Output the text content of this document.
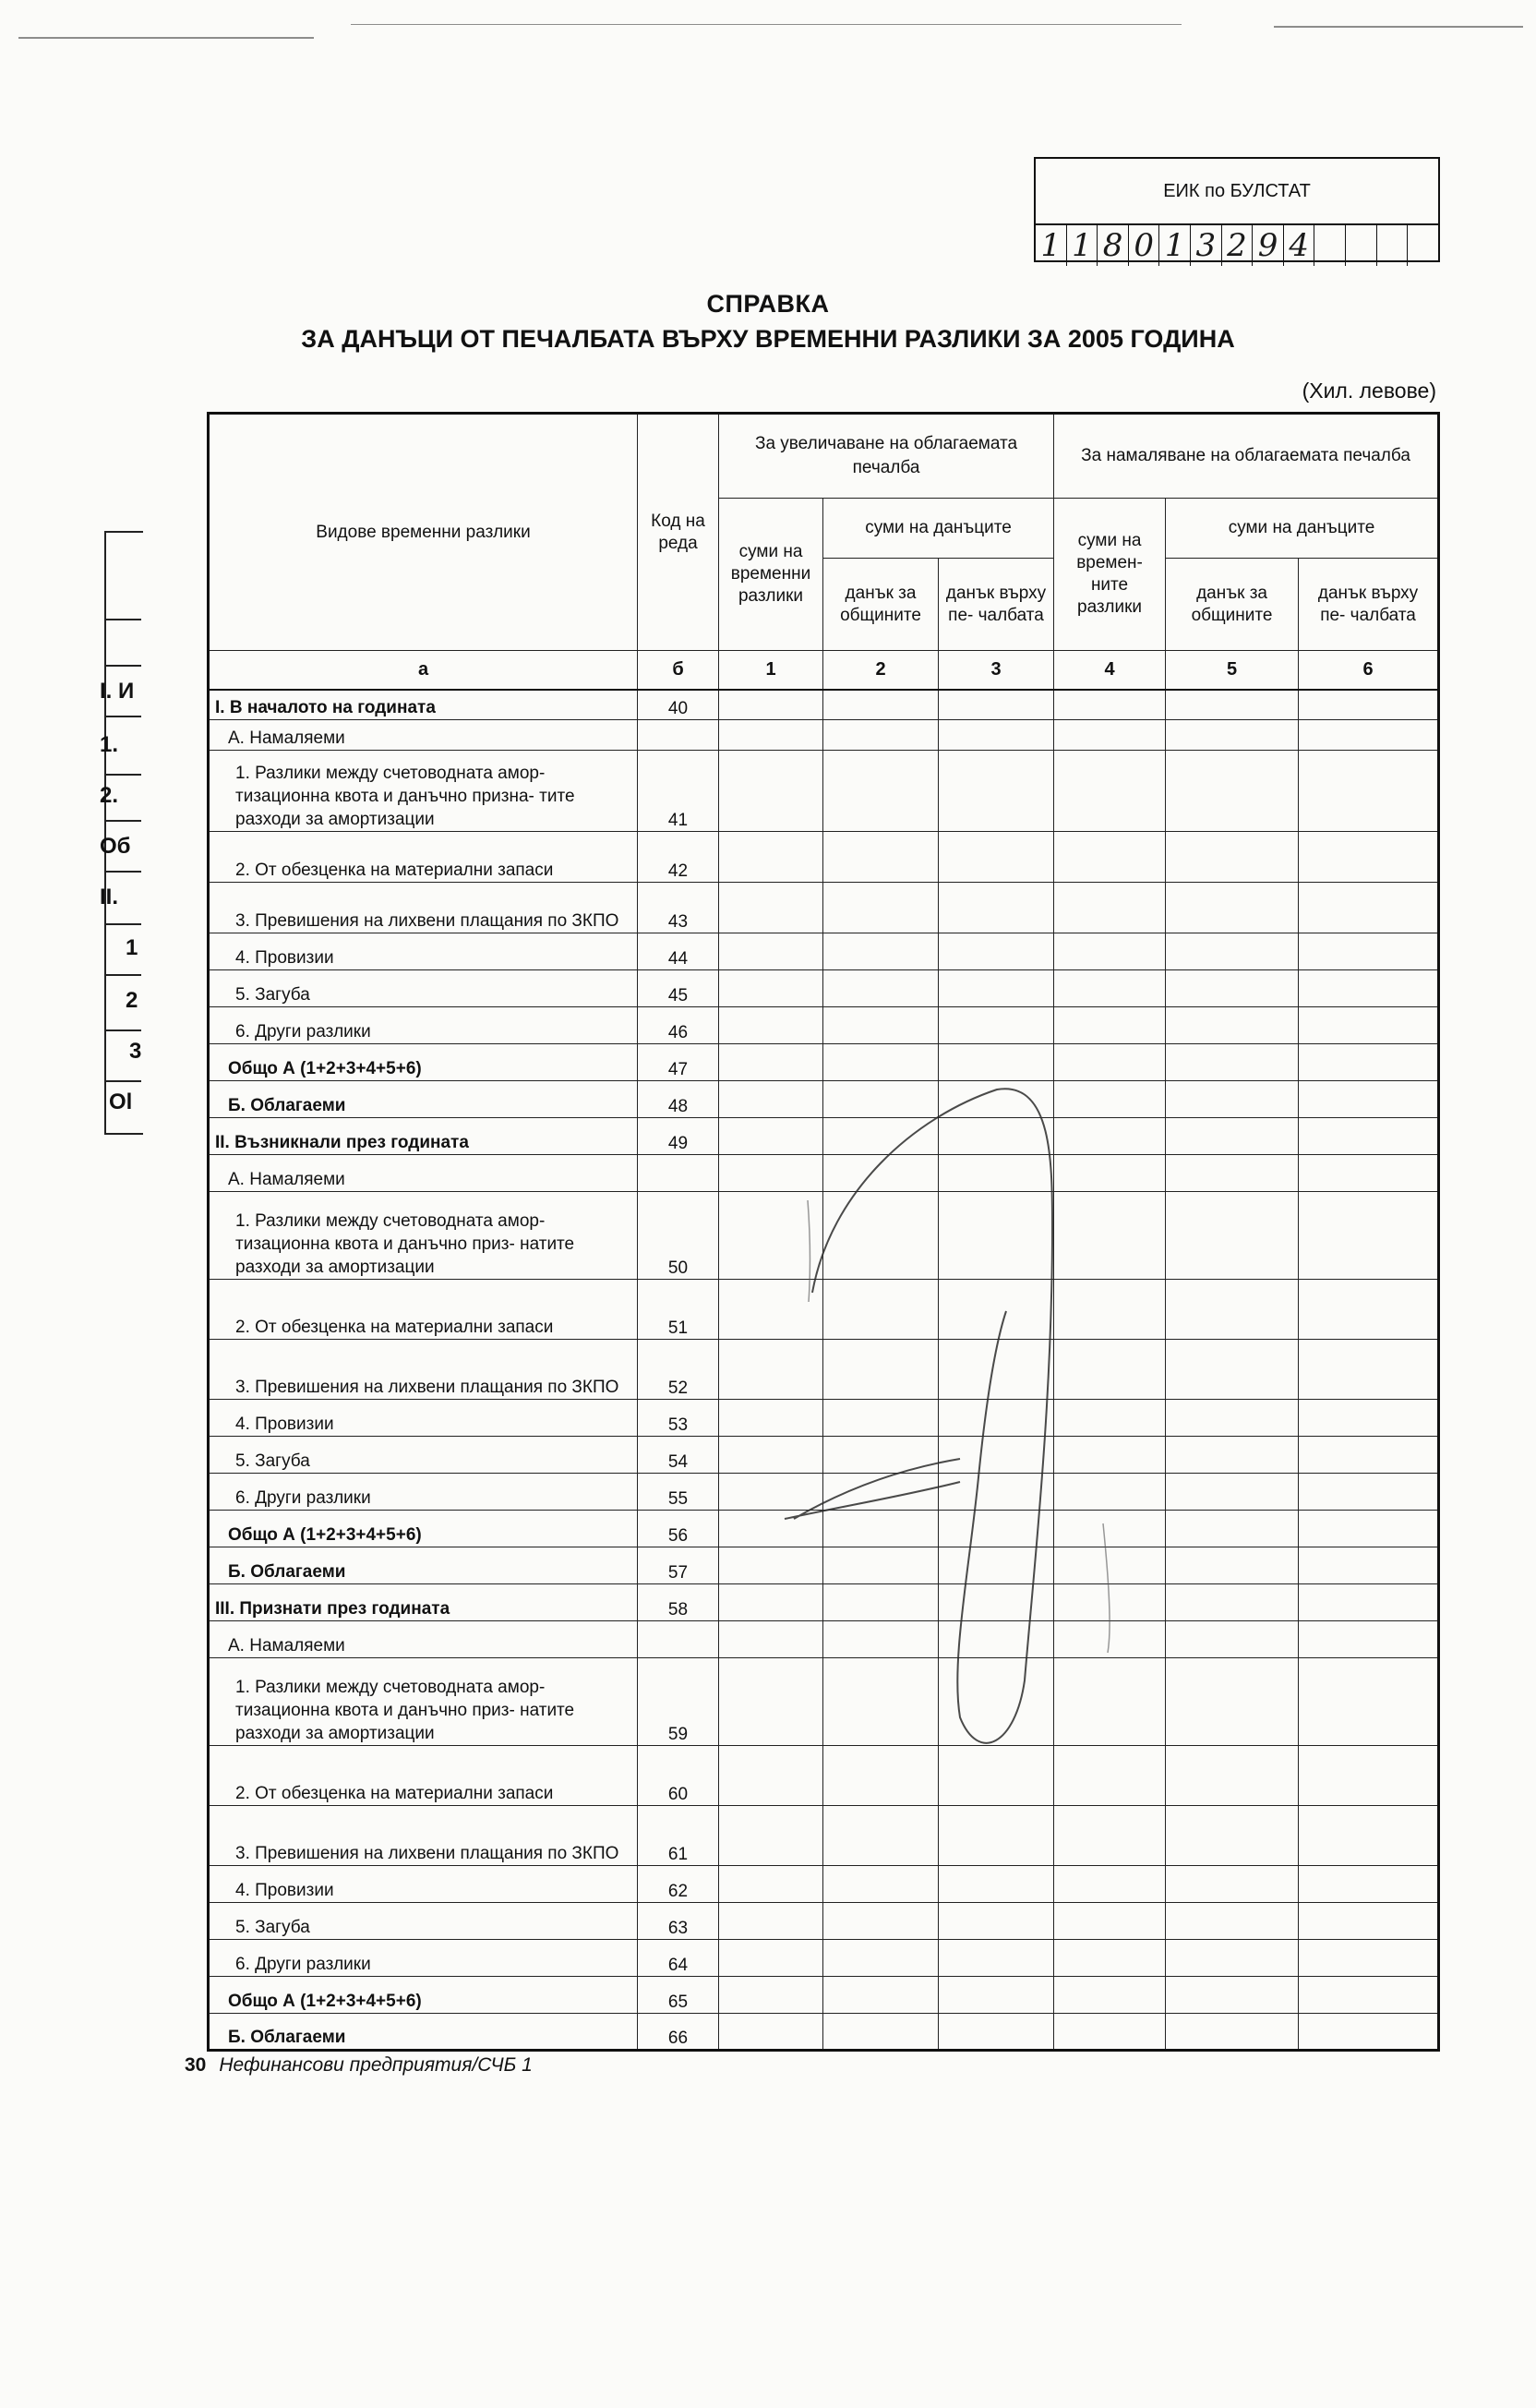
I. И
1.
2.
Об
II.
1
2
3
Ol
ЕИК по БУЛСТАТ
1 1 8 0 1 3 2 9 4
СПРАВКА
ЗА ДАНЪЦИ ОТ ПЕЧАЛБАТА ВЪРХУ ВРЕМЕННИ РАЗЛИКИ ЗА 2005 ГОДИНА
(Хил. левове)
Видове временни разлики	Код на реда	За увеличаване на облагаемата печалба			За намаляване на облагаемата печалба		
		суми на временни разлики	суми на данъците		суми на времен- ните разлики	суми на данъците	
			данък за общините	данък върху пе- чалбата		данък за общините	данък върху пе- чалбата
а	б	1	2	3	4	5	6
I. В началото на годината	40						
А. Намаляеми							
1. Разлики между счетоводната амор- тизационна квота и данъчно призна- тите разходи за амортизации	41						
2. От обезценка на материални запаси	42						
3. Превишения на лихвени плащания по ЗКПО	43						
4. Провизии	44						
5. Загуба	45						
6. Други разлики	46						
Общо А (1+2+3+4+5+6)	47						
Б. Облагаеми	48						
II. Възникнали през годината	49						
А. Намаляеми							
1. Разлики между счетоводната амор- тизационна квота и данъчно приз- натите разходи за амортизации	50						
2. От обезценка на материални запаси	51						
3. Превишения на лихвени плащания по ЗКПО	52						
4. Провизии	53						
5. Загуба	54						
6. Други разлики	55						
Общо А (1+2+3+4+5+6)	56						
Б. Облагаеми	57						
III. Признати през годината	58						
А. Намаляеми							
1. Разлики между счетоводната амор- тизационна квота и данъчно приз- натите разходи за амортизации	59						
2. От обезценка на материални запаси	60						
3. Превишения на лихвени плащания по ЗКПО	61						
4. Провизии	62						
5. Загуба	63						
6. Други разлики	64						
Общо А (1+2+3+4+5+6)	65						
Б. Облагаеми	66						
30 Нефинансови предприятия/СЧБ 1
